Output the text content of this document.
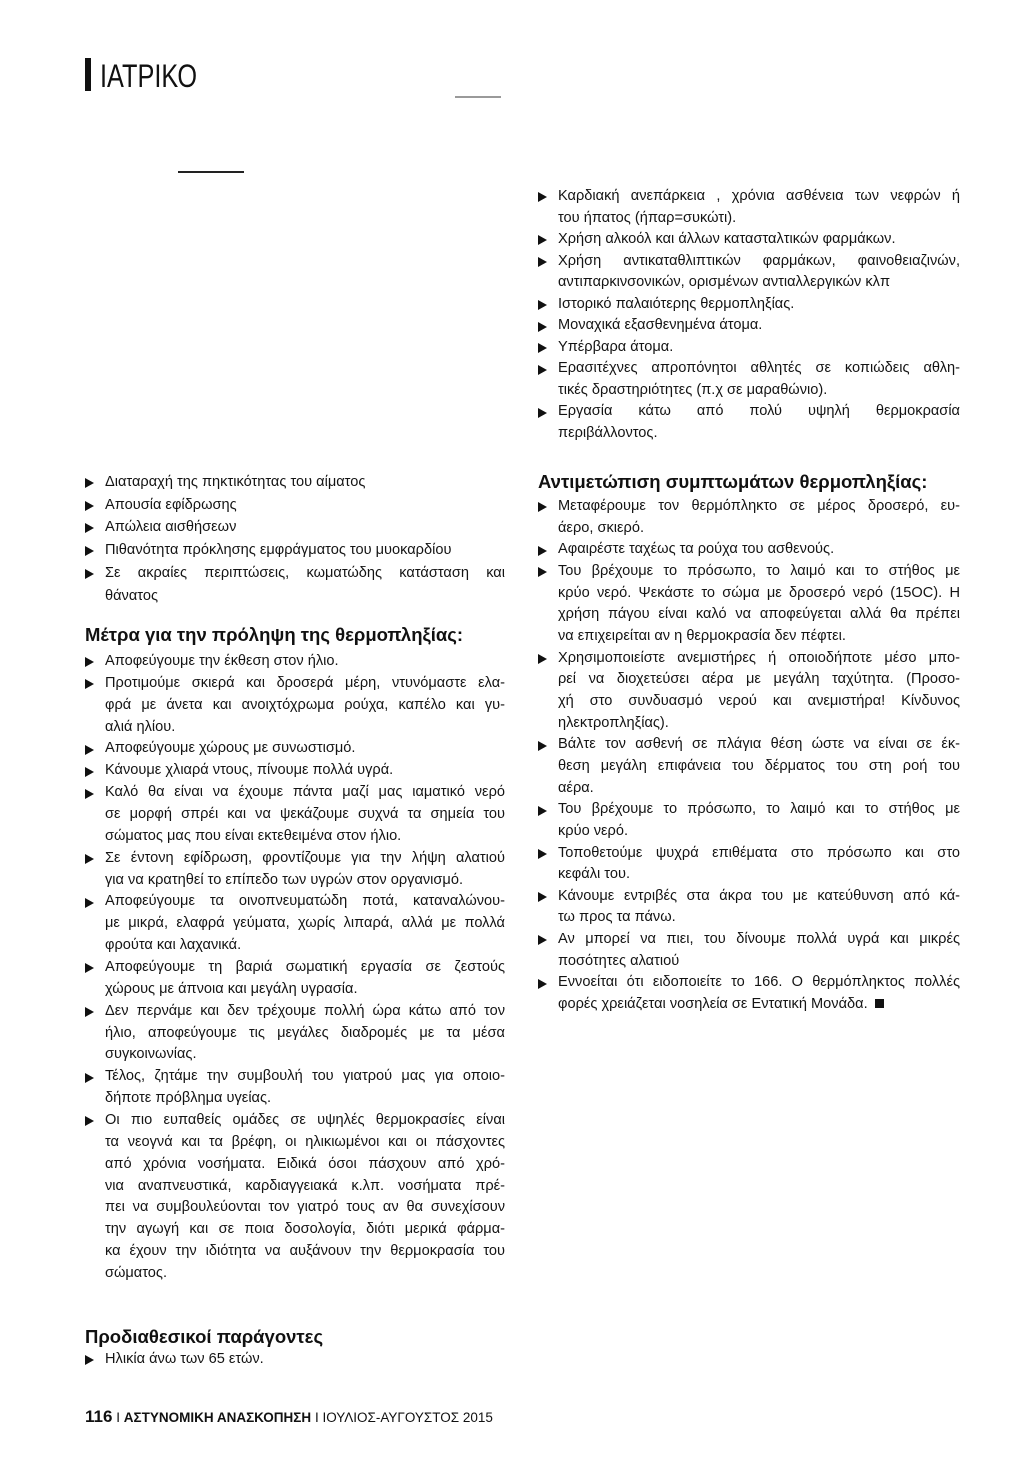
ΙΑΤΡΙΚΟ
Καρδιακή ανεπάρκεια , χρόνια ασθένεια των νεφρών ή
του ήπατος (ήπαρ=συκώτι).
Χρήση αλκοόλ και άλλων κατασταλτικών φαρμάκων.
Χρήση αντικαταθλιπτικών φαρμάκων, φαινοθειαζινών,
αντιπαρκινσονικών, ορισμένων αντιαλλεργικών κλπ
Ιστορικό παλαιότερης θερμοπληξίας.
Μοναχικά εξασθενημένα άτομα.
Υπέρβαρα άτομα.
Ερασιτέχνες απροπόνητοι αθλητές σε κοπιώδεις αθλη-
τικές δραστηριότητες (π.χ σε μαραθώνιο).
Εργασία κάτω από πολύ υψηλή θερμοκρασία
περιβάλλοντος.
Διαταραχή της πηκτικότητας του αίματος
Απουσία εφίδρωσης
Απώλεια αισθήσεων
Πιθανότητα πρόκλησης εμφράγματος του μυοκαρδίου
Σε ακραίες περιπτώσεις, κωματώδης κατάσταση και
θάνατος
Μέτρα για την πρόληψη της θερμοπληξίας:
Αποφεύγουμε την έκθεση στον ήλιο.
Προτιμούμε σκιερά και δροσερά μέρη, ντυνόμαστε ελα-
φρά με άνετα και ανοιχτόχρωμα ρούχα, καπέλο και γυ-
αλιά ηλίου.
Αποφεύγουμε χώρους με συνωστισμό.
Κάνουμε χλιαρά ντους, πίνουμε πολλά υγρά.
Καλό θα είναι να έχουμε πάντα μαζί μας ιαματικό νερό
σε μορφή σπρέι και να ψεκάζουμε συχνά τα σημεία του
σώματος μας που είναι εκτεθειμένα στον ήλιο.
Σε έντονη εφίδρωση, φροντίζουμε για την λήψη αλατιού
για να κρατηθεί το επίπεδο των υγρών στον οργανισμό.
Αποφεύγουμε τα οινοπνευματώδη ποτά, καταναλώνου-
με μικρά, ελαφρά γεύματα, χωρίς λιπαρά, αλλά με πολλά
φρούτα και λαχανικά.
Αποφεύγουμε τη βαριά σωματική εργασία σε ζεστούς
χώρους με άπνοια και μεγάλη υγρασία.
Δεν περνάμε και δεν τρέχουμε πολλή ώρα κάτω από τον
ήλιο, αποφεύγουμε τις μεγάλες διαδρομές με τα μέσα
συγκοινωνίας.
Τέλος, ζητάμε την συμβουλή του γιατρού μας για οποιο-
δήποτε πρόβλημα υγείας.
Οι πιο ευπαθείς ομάδες σε υψηλές θερμοκρασίες είναι
τα νεογνά και τα βρέφη, οι ηλικιωμένοι και οι πάσχοντες
από χρόνια νοσήματα. Ειδικά όσοι πάσχουν από χρό-
νια αναπνευστικά, καρδιαγγειακά κ.λπ. νοσήματα πρέ-
πει να συμβουλεύονται τον γιατρό τους αν θα συνεχίσουν
την αγωγή και σε ποια δοσολογία, διότι μερικά φάρμα-
κα έχουν την ιδιότητα να αυξάνουν την θερμοκρασία του
σώματος.
Προδιαθεσικοί παράγοντες
Ηλικία άνω των 65 ετών.
Αντιμετώπιση συμπτωμάτων θερμοπληξίας:
Μεταφέρουμε τον θερμόπληκτο σε μέρος δροσερό, ευ-
άερο, σκιερό.
Αφαιρέστε ταχέως τα ρούχα του ασθενούς.
Του βρέχουμε το πρόσωπο, το λαιμό και το στήθος με
κρύο νερό. Ψεκάστε το σώμα με δροσερό νερό (15ΟC). Η
χρήση πάγου είναι καλό να αποφεύγεται αλλά θα πρέπει
να επιχειρείται αν η θερμοκρασία δεν πέφτει.
Χρησιμοποιείστε ανεμιστήρες ή οποιοδήποτε μέσο μπο-
ρεί να διοχετεύσει αέρα με μεγάλη ταχύτητα. (Προσο-
χή στο συνδυασμό νερού και ανεμιστήρα! Κίνδυνος
ηλεκτροπληξίας).
Βάλτε τον ασθενή σε πλάγια θέση ώστε να είναι σε έκ-
θεση μεγάλη επιφάνεια του δέρματος του στη ροή του
αέρα.
Του βρέχουμε το πρόσωπο, το λαιμό και το στήθος με
κρύο νερό.
Τοποθετούμε ψυχρά επιθέματα στο πρόσωπο και στο
κεφάλι του.
Κάνουμε εντριβές στα άκρα του με κατεύθυνση από κά-
τω προς τα πάνω.
Αν μπορεί να πιει, του δίνουμε πολλά υγρά και μικρές
ποσότητες αλατιού
Εννοείται ότι ειδοποιείτε το 166. Ο θερμόπληκτος πολλές
φορές χρειάζεται νοσηλεία σε Εντατική Μονάδα.
116 I ΑΣΤΥΝΟΜΙΚΗ ΑΝΑΣΚΟΠΗΣΗ I ΙΟΥΛΙΟΣ-ΑΥΓΟΥΣΤΟΣ 2015
